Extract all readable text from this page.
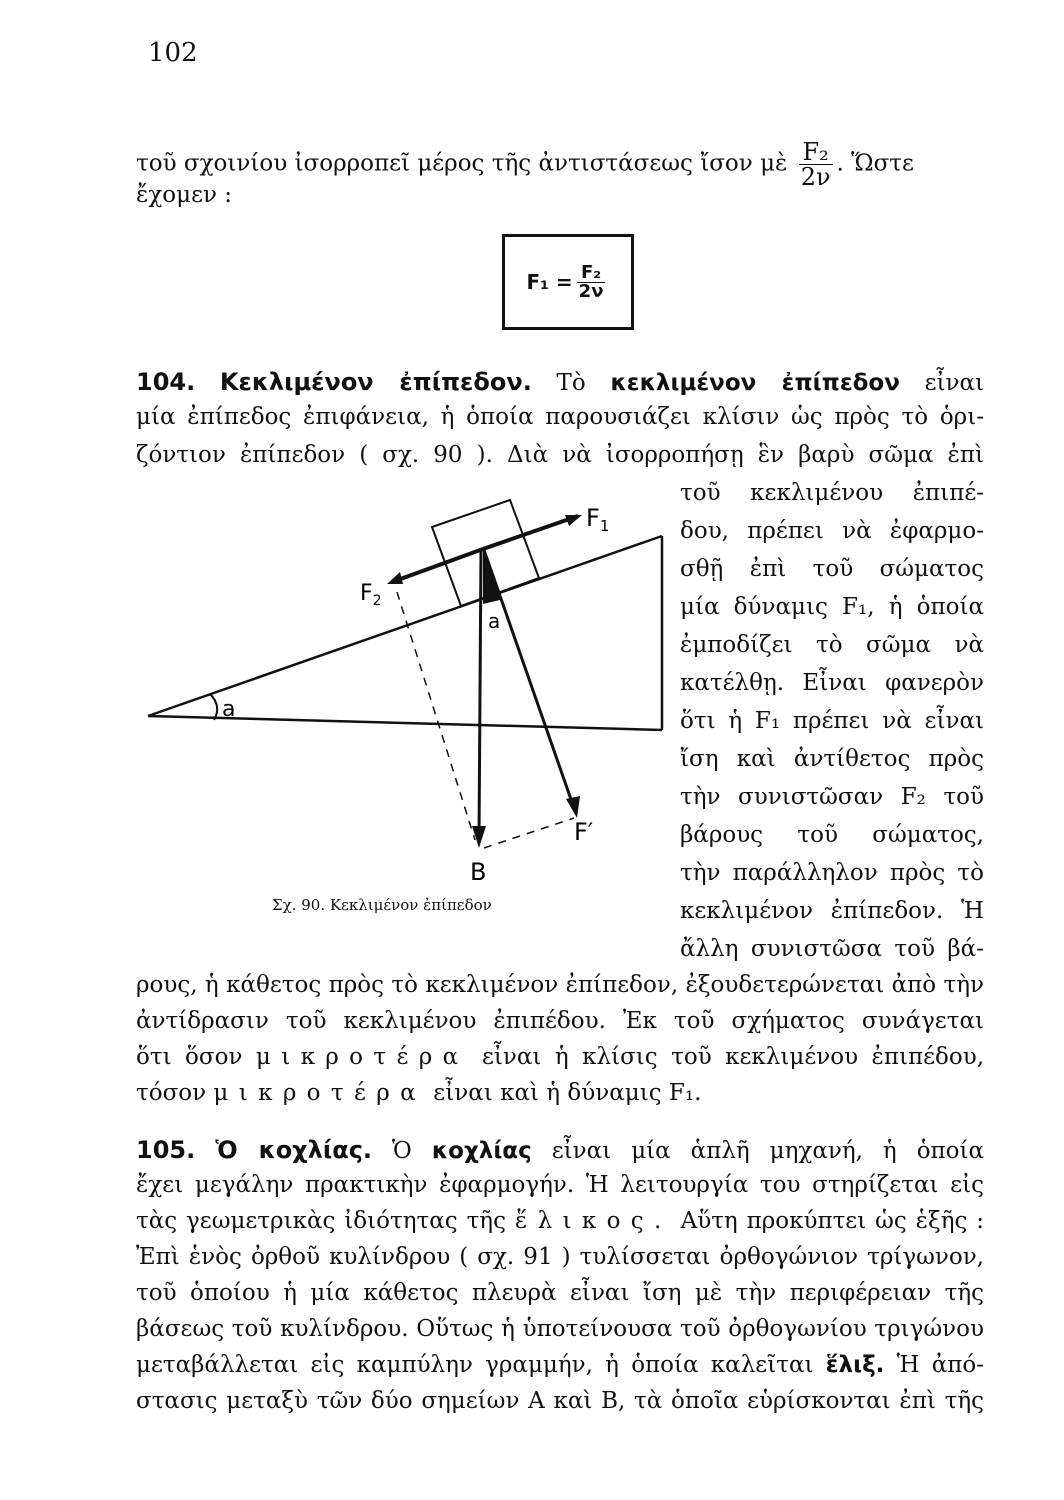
102
τοῦ σχοινίου ἰσορροπεῖ μέρος τῆς ἀντιστάσεως ἴσον μὲ $\frac{\text{F₂}}{2\nu}$ . Ὥστε
ἔχομεν :
$F_1 = \frac{\text{F₂}}{2\nu}$
104. Κεκλιμένον ἐπίπεδον. Τὸ κεκλιμένον ἐπίπεδον εἶναι
μία ἐπίπεδος ἐπιφάνεια, ἡ ὁποία παρουσιάζει κλίσιν ὡς πρὸς τὸ ὁρι-
ζόντιον ἐπίπεδον ( σχ. 90 ). Διὰ νὰ ἰσορροπήσῃ ἓν βαρὺ σῶμα ἐπὶ
τοῦ κεκλιμένου ἐπιπέ-
δου, πρέπει νὰ ἐφαρμο-
σθῇ ἐπὶ τοῦ σώματος
μία δύναμις F₁, ἡ ὁποία
ἐμποδίζει τὸ σῶμα νὰ
κατέλθῃ. Εἶναι φανερὸν
ὅτι ἡ F₁ πρέπει νὰ εἶναι
ἴση καὶ ἀντίθετος πρὸς
τὴν συνιστῶσαν F₂ τοῦ
βάρους τοῦ σώματος,
τὴν παράλληλον πρὸς τὸ
κεκλιμένον ἐπίπεδον. Ἡ
ἄλλη συνιστῶσα τοῦ βά-
$F_1$
$F_2$
F′
B
a
a
Σχ. 90. Κεκλιμένον ἐπίπεδον
ρους, ἡ κάθετος πρὸς τὸ κεκλιμένον ἐπίπεδον, ἐξουδετερώνεται ἀπὸ τὴν
ἀντίδρασιν τοῦ κεκλιμένου ἐπιπέδου. Ἐκ τοῦ σχήματος συνάγεται
ὅτι ὅσον μικροτέρα εἶναι ἡ κλίσις τοῦ κεκλιμένου ἐπιπέδου,
τόσον μικροτέρα εἶναι καὶ ἡ δύναμις F₁.
105. Ὁ κοχλίας. Ὁ κοχλίας εἶναι μία ἁπλῆ μηχανή, ἡ ὁποία
ἔχει μεγάλην πρακτικὴν ἐφαρμογήν. Ἡ λειτουργία του στηρίζεται εἰς
τὰς γεωμετρικὰς ἰδιότητας τῆς ἕλικος. Αὕτη προκύπτει ὡς ἑξῆς :
Ἐπὶ ἑνὸς ὀρθοῦ κυλίνδρου ( σχ. 91 ) τυλίσσεται ὀρθογώνιον τρίγωνον,
τοῦ ὁποίου ἡ μία κάθετος πλευρὰ εἶναι ἴση μὲ τὴν περιφέρειαν τῆς
βάσεως τοῦ κυλίνδρου. Οὕτως ἡ ὑποτείνουσα τοῦ ὀρθογωνίου τριγώνου
μεταβάλλεται εἰς καμπύλην γραμμήν, ἡ ὁποία καλεῖται ἕλιξ. Ἡ ἀπό-
στασις μεταξὺ τῶν δύο σημείων Α καὶ Β, τὰ ὁποῖα εὑρίσκονται ἐπὶ τῆς
